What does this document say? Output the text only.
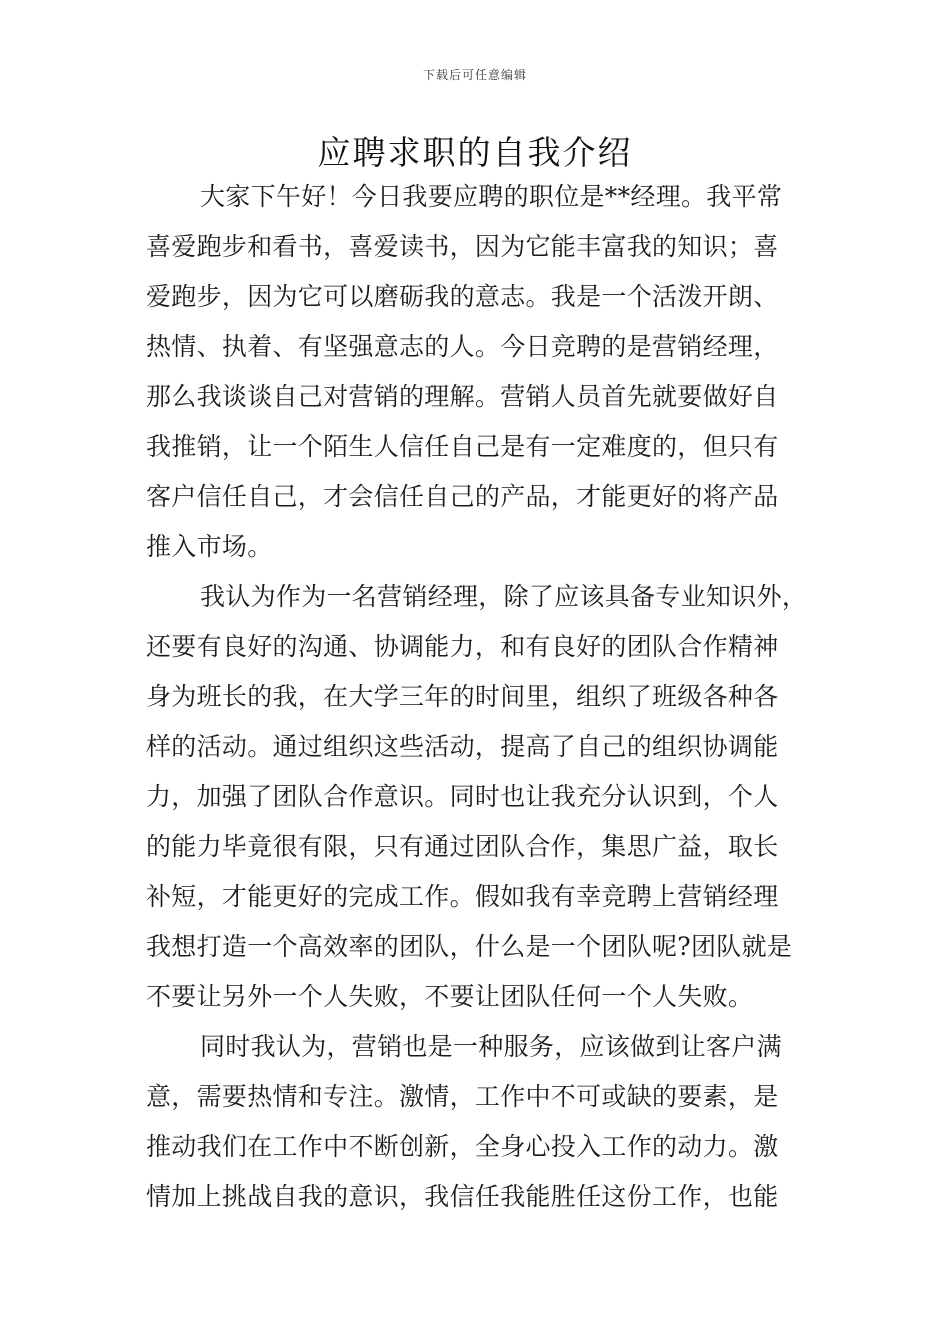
下载后可任意编辑
应聘求职的自我介绍
大家下午好！今日我要应聘的职位是**经理。我平常
喜爱跑步和看书，喜爱读书，因为它能丰富我的知识；喜
爱跑步，因为它可以磨砺我的意志。我是一个活泼开朗、
热情、执着、有坚强意志的人。今日竞聘的是营销经理，
那么我谈谈自己对营销的理解。营销人员首先就要做好自
我推销，让一个陌生人信任自己是有一定难度的，但只有
客户信任自己，才会信任自己的产品，才能更好的将产品
推入市场。
我认为作为一名营销经理，除了应该具备专业知识外，
还要有良好的沟通、协调能力，和有良好的团队合作精神
身为班长的我，在大学三年的时间里，组织了班级各种各
样的活动。通过组织这些活动，提高了自己的组织协调能
力，加强了团队合作意识。同时也让我充分认识到，个人
的能力毕竟很有限，只有通过团队合作，集思广益，取长
补短，才能更好的完成工作。假如我有幸竞聘上营销经理
我想打造一个高效率的团队，什么是一个团队呢?团队就是
不要让另外一个人失败，不要让团队任何一个人失败。
同时我认为，营销也是一种服务，应该做到让客户满
意，需要热情和专注。激情，工作中不可或缺的要素，是
推动我们在工作中不断创新，全身心投入工作的动力。激
情加上挑战自我的意识，我信任我能胜任这份工作，也能
